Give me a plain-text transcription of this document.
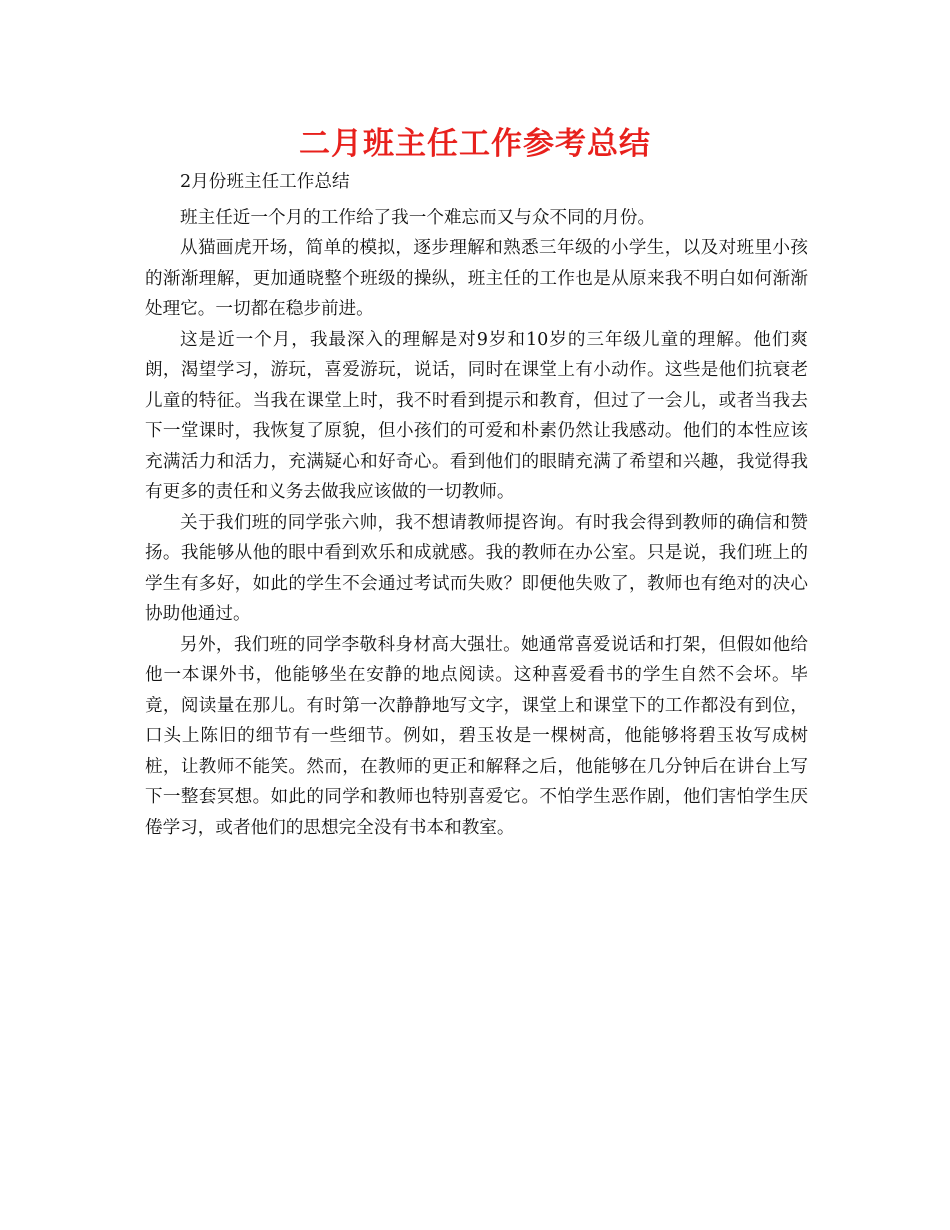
二月班主任工作参考总结

2月份班主任工作总结

班主任近一个月的工作给了我一个难忘而又与众不同的月份。

从猫画虎开场，简单的模拟，逐步理解和熟悉三年级的小学生，以及对班里小孩的渐渐理解，更加通晓整个班级的操纵，班主任的工作也是从原来我不明白如何渐渐处理它。一切都在稳步前进。

这是近一个月，我最深入的理解是对9岁和10岁的三年级儿童的理解。他们爽朗，渴望学习，游玩，喜爱游玩，说话，同时在课堂上有小动作。这些是他们抗衰老儿童的特征。当我在课堂上时，我不时看到提示和教育，但过了一会儿，或者当我去下一堂课时，我恢复了原貌，但小孩们的可爱和朴素仍然让我感动。他们的本性应该充满活力和活力，充满疑心和好奇心。看到他们的眼睛充满了希望和兴趣，我觉得我有更多的责任和义务去做我应该做的一切教师。

关于我们班的同学张六帅，我不想请教师提咨询。有时我会得到教师的确信和赞扬。我能够从他的眼中看到欢乐和成就感。我的教师在办公室。只是说，我们班上的学生有多好，如此的学生不会通过考试而失败？即便他失败了，教师也有绝对的决心协助他通过。

另外，我们班的同学李敬科身材高大强壮。她通常喜爱说话和打架，但假如他给他一本课外书，他能够坐在安静的地点阅读。这种喜爱看书的学生自然不会坏。毕竟，阅读量在那儿。有时第一次静静地写文字，课堂上和课堂下的工作都没有到位，口头上陈旧的细节有一些细节。例如，碧玉妆是一棵树高，他能够将碧玉妆写成树桩，让教师不能笑。然而，在教师的更正和解释之后，他能够在几分钟后在讲台上写下一整套冥想。如此的同学和教师也特别喜爱它。不怕学生恶作剧，他们害怕学生厌倦学习，或者他们的思想完全没有书本和教室。
